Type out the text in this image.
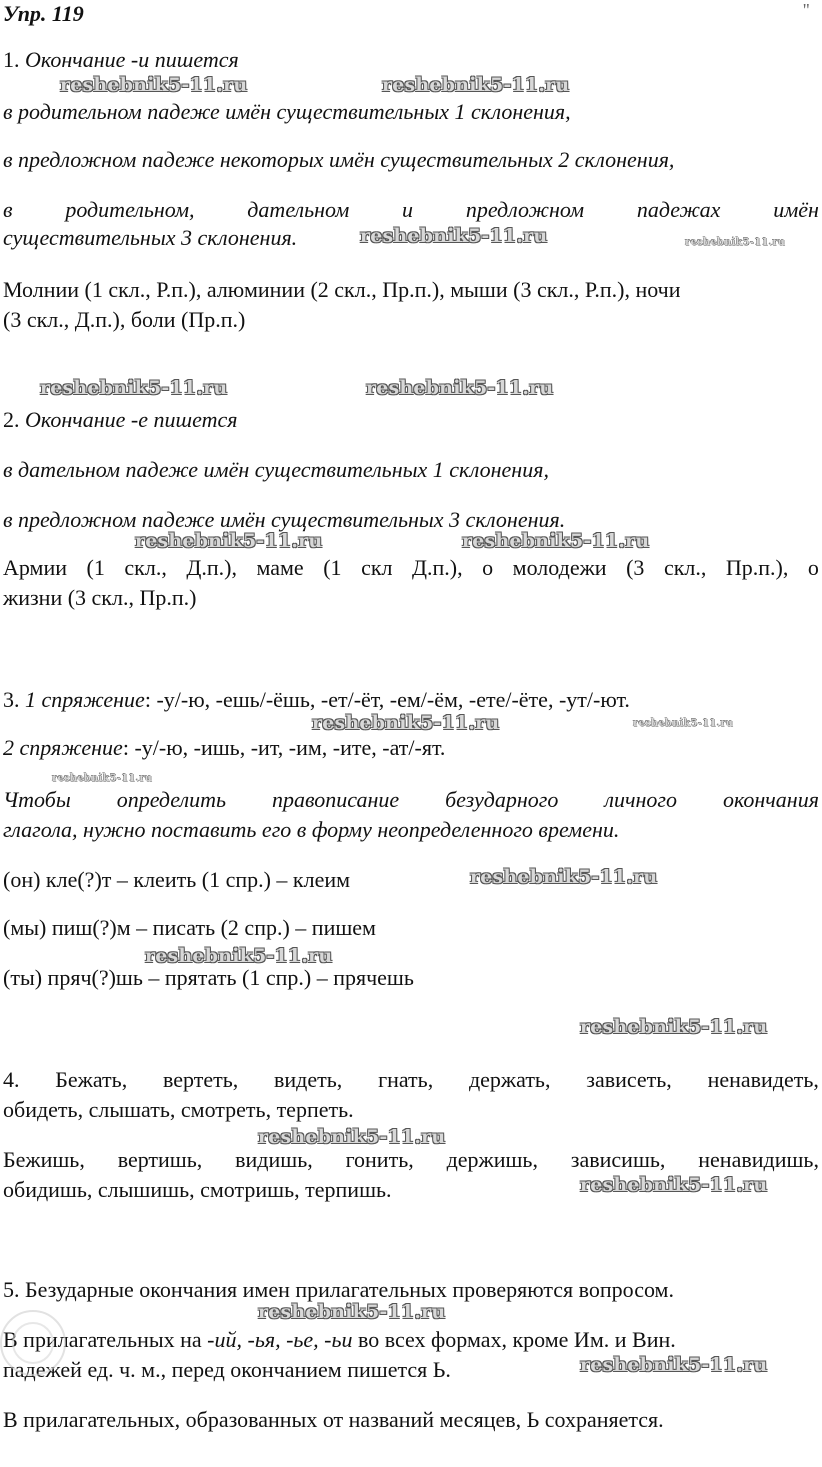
Упр. 119	''
1. Окончание -и пишется
в родительном падеже имён существительных 1 склонения,
в предложном падеже некоторых имён существительных 2 склонения,
в родительном, дательном и предложном падежах имён
существительных 3 склонения.
Молнии (1 скл., Р.п.), алюминии (2 скл., Пр.п.), мыши (3 скл., Р.п.), ночи
(3 скл., Д.п.), боли (Пр.п.)
2. Окончание -е пишется
в дательном падеже имён существительных 1 склонения,
в предложном падеже имён существительных 3 склонения.
Армии (1 скл., Д.п.), маме (1 скл Д.п.), о молодежи (3 скл., Пр.п.), о
жизни (3 скл., Пр.п.)
3. 1 спряжение: -у/-ю, -ешь/-ёшь, -ет/-ёт, -ем/-ём, -ете/-ёте, -ут/-ют.
2 спряжение: -у/-ю, -ишь, -ит, -им, -ите, -ат/-ят.
Чтобы определить правописание безударного личного окончания
глагола, нужно поставить его в форму неопределенного времени.
(он) кле(?)т – клеить (1 спр.) – клеим
(мы) пиш(?)м – писать (2 спр.) – пишем
(ты) пряч(?)шь – прятать (1 спр.) – прячешь
4. Бежать, вертеть, видеть, гнать, держать, зависеть, ненавидеть,
обидеть, слышать, смотреть, терпеть.
Бежишь, вертишь, видишь, гонить, держишь, зависишь, ненавидишь,
обидишь, слышишь, смотришь, терпишь.
5. Безударные окончания имен прилагательных проверяются вопросом.
В прилагательных на -ий, -ья, -ье, -ьи во всех формах, кроме Им. и Вин.
падежей ед. ч. м., перед окончанием пишется Ь.
В прилагательных, образованных от названий месяцев, Ь сохраняется.
reshebnik5-11.ru	reshebnik5-11.ru
reshebnik5-11.ru	reshebnik5-11.ru
reshebnik5-11.ru	reshebnik5-11.ru
reshebnik5-11.ru	reshebnik5-11.ru
reshebnik5-11.ru	reshebnik5-11.ru
reshebnik5-11.ru
reshebnik5-11.ru
reshebnik5-11.ru
reshebnik5-11.ru
reshebnik5-11.ru
reshebnik5-11.ru
reshebnik5-11.ru
reshebnik5-11.ru
